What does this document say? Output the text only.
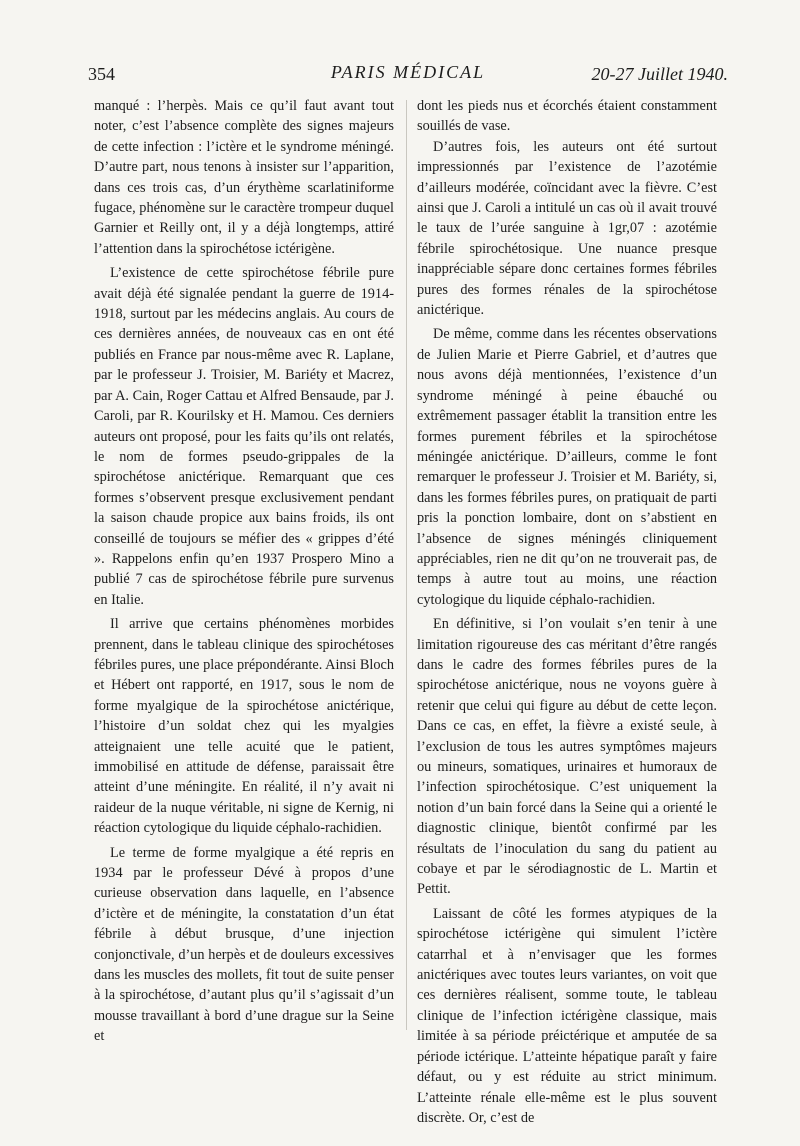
354	PARIS MÉDICAL	20-27 Juillet 1940.

manqué : l’herpès. Mais ce qu’il faut avant tout noter, c’est l’absence complète des signes majeurs de cette infection : l’ictère et le syndrome méningé. D’autre part, nous tenons à insister sur l’apparition, dans ces trois cas, d’un érythème scarlatiniforme fugace, phénomène sur le caractère trompeur duquel Garnier et Reilly ont, il y a déjà longtemps, attiré l’attention dans la spirochétose ictérigène.

L’existence de cette spirochétose fébrile pure avait déjà été signalée pendant la guerre de 1914-1918, surtout par les médecins anglais. Au cours de ces dernières années, de nouveaux cas en ont été publiés en France par nous-même avec R. Laplane, par le professeur J. Troisier, M. Bariéty et Macrez, par A. Cain, Roger Cattau et Alfred Bensaude, par J. Caroli, par R. Kourilsky et H. Mamou. Ces derniers auteurs ont proposé, pour les faits qu’ils ont relatés, le nom de formes pseudo-grippales de la spirochétose anictérique. Remarquant que ces formes s’observent presque exclusivement pendant la saison chaude propice aux bains froids, ils ont conseillé de toujours se méfier des « grippes d’été ». Rappelons enfin qu’en 1937 Prospero Mino a publié 7 cas de spirochétose fébrile pure survenus en Italie.

Il arrive que certains phénomènes morbides prennent, dans le tableau clinique des spirochétoses fébriles pures, une place prépondérante. Ainsi Bloch et Hébert ont rapporté, en 1917, sous le nom de forme myalgique de la spirochétose anictérique, l’histoire d’un soldat chez qui les myalgies atteignaient une telle acuité que le patient, immobilisé en attitude de défense, paraissait être atteint d’une méningite. En réalité, il n’y avait ni raideur de la nuque véritable, ni signe de Kernig, ni réaction cytologique du liquide céphalo-rachidien.

Le terme de forme myalgique a été repris en 1934 par le professeur Dévé à propos d’une curieuse observation dans laquelle, en l’absence d’ictère et de méningite, la constatation d’un état fébrile à début brusque, d’une injection conjonctivale, d’un herpès et de douleurs excessives dans les muscles des mollets, fit tout de suite penser à la spirochétose, d’autant plus qu’il s’agissait d’un mousse travaillant à bord d’une drague sur la Seine et

dont les pieds nus et écorchés étaient constamment souillés de vase.

D’autres fois, les auteurs ont été surtout impressionnés par l’existence de l’azotémie d’ailleurs modérée, coïncidant avec la fièvre. C’est ainsi que J. Caroli a intitulé un cas où il avait trouvé le taux de l’urée sanguine à 1gr,07 : azotémie fébrile spirochétosique. Une nuance presque inappréciable sépare donc certaines formes fébriles pures des formes rénales de la spirochétose anictérique.

De même, comme dans les récentes observations de Julien Marie et Pierre Gabriel, et d’autres que nous avons déjà mentionnées, l’existence d’un syndrome méningé à peine ébauché ou extrêmement passager établit la transition entre les formes purement fébriles et la spirochétose méningée anictérique. D’ailleurs, comme le font remarquer le professeur J. Troisier et M. Bariéty, si, dans les formes fébriles pures, on pratiquait de parti pris la ponction lombaire, dont on s’abstient en l’absence de signes méningés cliniquement appréciables, rien ne dit qu’on ne trouverait pas, de temps à autre tout au moins, une réaction cytologique du liquide céphalo-rachidien.

En définitive, si l’on voulait s’en tenir à une limitation rigoureuse des cas méritant d’être rangés dans le cadre des formes fébriles pures de la spirochétose anictérique, nous ne voyons guère à retenir que celui qui figure au début de cette leçon. Dans ce cas, en effet, la fièvre a existé seule, à l’exclusion de tous les autres symptômes majeurs ou mineurs, somatiques, urinaires et humoraux de l’infection spirochétosique. C’est uniquement la notion d’un bain forcé dans la Seine qui a orienté le diagnostic clinique, bientôt confirmé par les résultats de l’inoculation du sang du patient au cobaye et par le sérodiagnostic de L. Martin et Pettit.

Laissant de côté les formes atypiques de la spirochétose ictérigène qui simulent l’ictère catarrhal et à n’envisager que les formes anictériques avec toutes leurs variantes, on voit que ces dernières réalisent, somme toute, le tableau clinique de l’infection ictérigène classique, mais limitée à sa période préictérique et amputée de sa période ictérique. L’atteinte hépatique paraît y faire défaut, ou y est réduite au strict minimum. L’atteinte rénale elle-même est le plus souvent discrète. Or, c’est de
